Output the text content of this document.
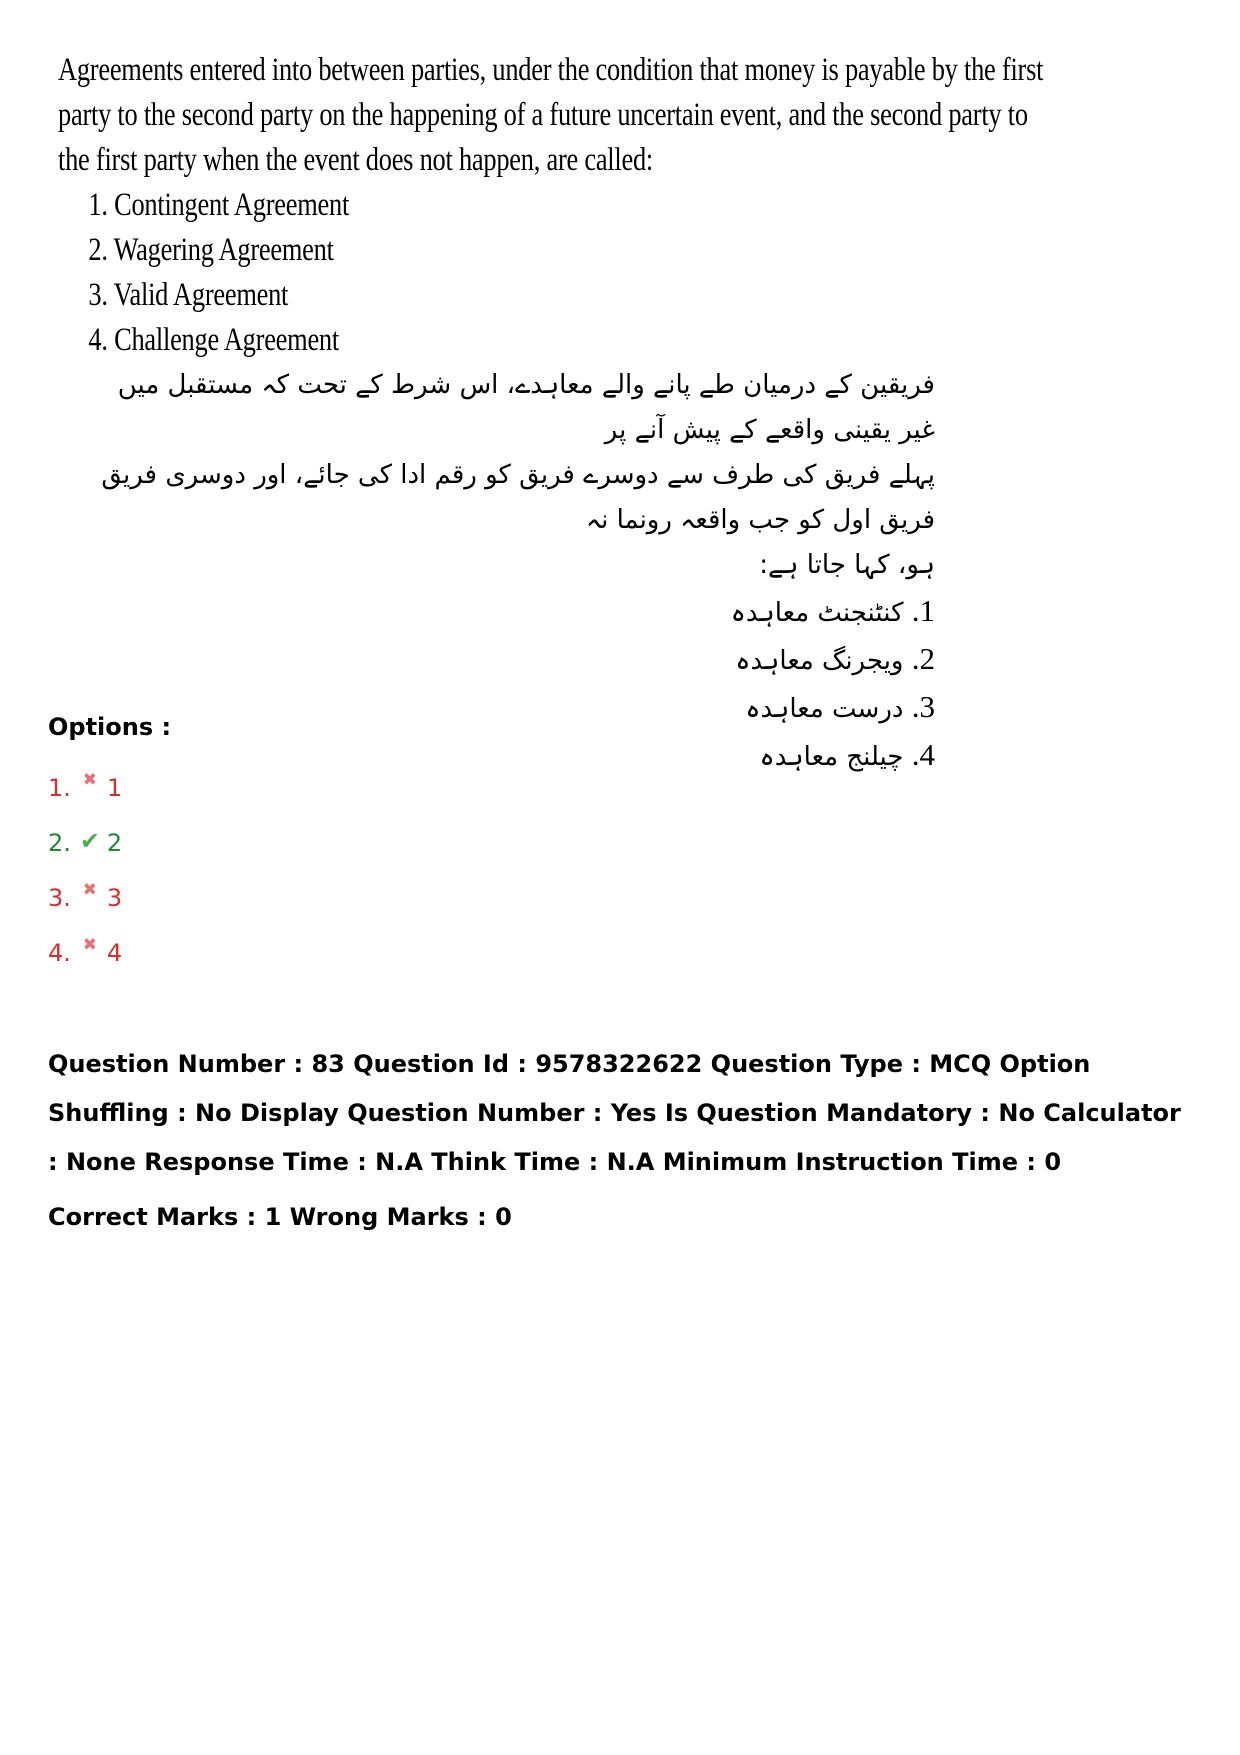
Agreements entered into between parties, under the condition that money is payable by the first
party to the second party on the happening of a future uncertain event, and the second party to
the first party when the event does not happen, are called:
1. Contingent Agreement
2. Wagering Agreement
3. Valid Agreement
4. Challenge Agreement
فریقین کے درمیان طے پانے والے معاہدے، اس شرط کے تحت کہ مستقبل میں غیر یقینی واقعے کے پیش آنے پر
پہلے فریق کی طرف سے دوسرے فریق کو رقم ادا کی جائے، اور دوسری فریق فریق اول کو جب واقعہ رونما نہ
ہو، کہا جاتا ہے:
1. کنٹنجنٹ معاہدہ
2. ویجرنگ معاہدہ
3. درست معاہدہ
4. چیلنج معاہدہ
Options :
1. ✖ 1
2. ✔ 2
3. ✖ 3
4. ✖ 4
Question Number : 83 Question Id : 9578322622 Question Type : MCQ Option Shuffling : No Display Question Number : Yes Is Question Mandatory : No Calculator : None Response Time : N.A Think Time : N.A Minimum Instruction Time : 0
Correct Marks : 1 Wrong Marks : 0
